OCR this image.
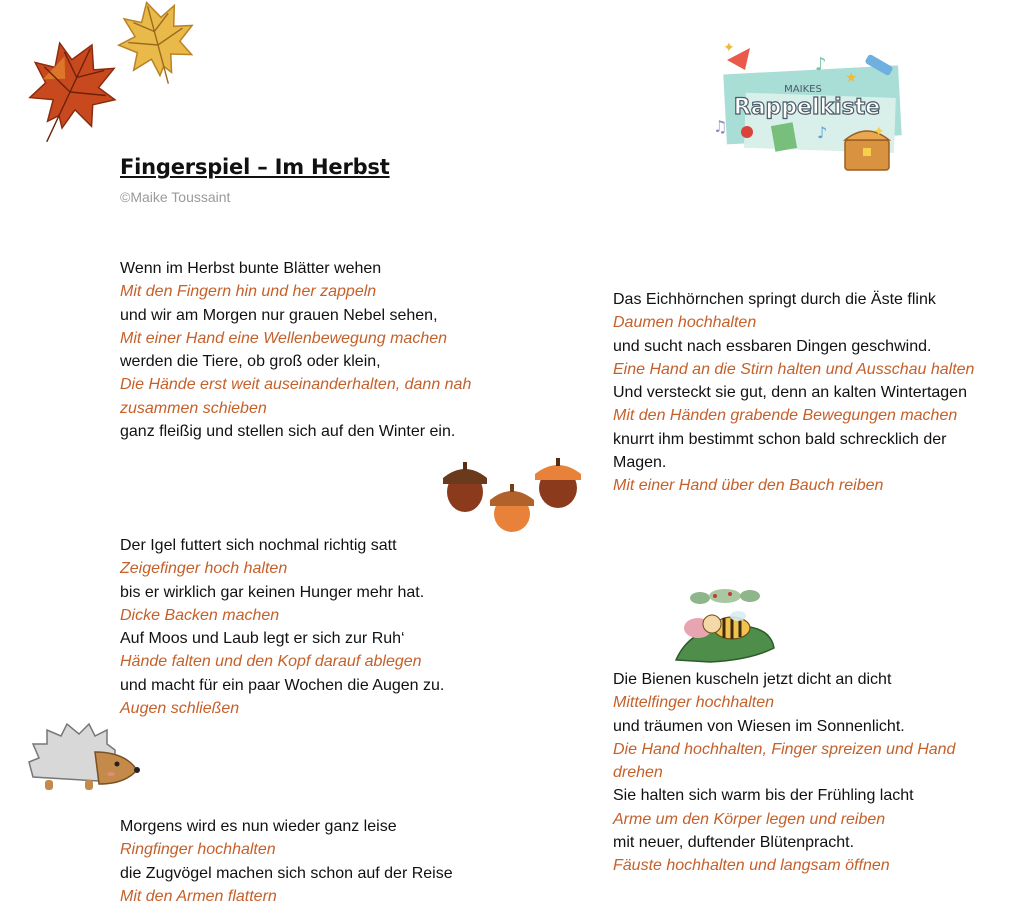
✦
♪
★
MAIKES
Rappelkiste
♫	♪	✦
Fingerspiel – Im Herbst
©Maike Toussaint
Wenn im Herbst bunte Blätter wehen
Mit den Fingern hin und her zappeln
und wir am Morgen nur grauen Nebel sehen,
Mit einer Hand eine Wellenbewegung machen
werden die Tiere, ob groß oder klein,
Die Hände erst weit auseinanderhalten, dann nah zusammen schieben
ganz fleißig und stellen sich auf den Winter ein.
Der Igel futtert sich nochmal richtig satt
Zeigefinger hoch halten
bis er wirklich gar keinen Hunger mehr hat.
Dicke Backen machen
Auf Moos und Laub legt er sich zur Ruh‘
Hände falten und den Kopf darauf ablegen
und macht für ein paar Wochen die Augen zu.
Augen schließen
Morgens wird es nun wieder ganz leise
Ringfinger hochhalten
die Zugvögel machen sich schon auf der Reise
Mit den Armen flattern
Das Eichhörnchen springt durch die Äste flink
Daumen hochhalten
und sucht nach essbaren Dingen geschwind.
Eine Hand an die Stirn halten und Ausschau halten
Und versteckt sie gut, denn an kalten Wintertagen
Mit den Händen grabende Bewegungen machen
knurrt ihm bestimmt schon bald schrecklich der Magen.
Mit einer Hand über den Bauch reiben
Die Bienen kuscheln jetzt dicht an dicht
Mittelfinger hochhalten
und träumen von Wiesen im Sonnenlicht.
Die Hand hochhalten, Finger spreizen und Hand drehen
Sie halten sich warm bis der Frühling lacht
Arme um den Körper legen und reiben
mit neuer, duftender Blütenpracht.
Fäuste hochhalten und langsam öffnen
